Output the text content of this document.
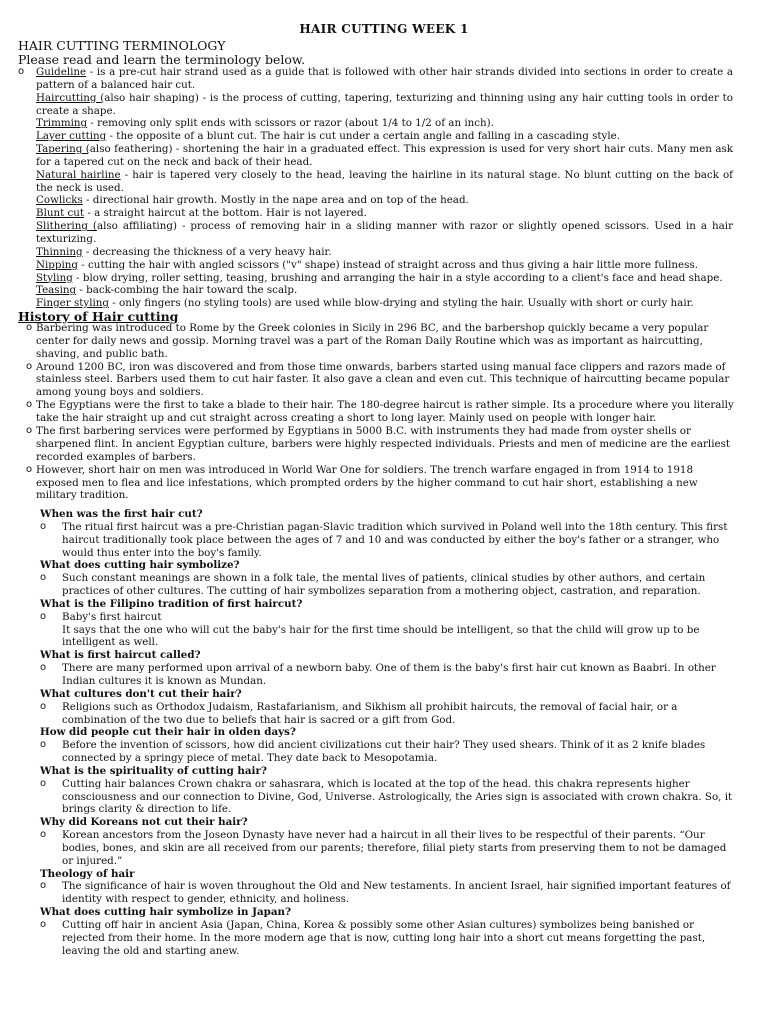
HAIR CUTTING WEEK 1
HAIR CUTTING TERMINOLOGY
Please read and learn the terminology below.
o Guideline - is a pre-cut hair strand used as a guide that is followed with other hair strands divided into sections in order to create a pattern of a balanced hair cut.
Haircutting (also hair shaping) - is the process of cutting, tapering, texturizing and thinning using any hair cutting tools in order to create a shape.
Trimming - removing only split ends with scissors or razor (about 1/4 to 1/2 of an inch).
Layer cutting - the opposite of a blunt cut. The hair is cut under a certain angle and falling in a cascading style.
Tapering (also feathering) - shortening the hair in a graduated effect. This expression is used for very short hair cuts. Many men ask for a tapered cut on the neck and back of their head.
Natural hairline - hair is tapered very closely to the head, leaving the hairline in its natural stage. No blunt cutting on the back of the neck is used.
Cowlicks - directional hair growth. Mostly in the nape area and on top of the head.
Blunt cut - a straight haircut at the bottom. Hair is not layered.
Slithering (also affiliating) - process of removing hair in a sliding manner with razor or slightly opened scissors. Used in a hair texturizing.
Thinning - decreasing the thickness of a very heavy hair.
Nipping - cutting the hair with angled scissors ("v" shape) instead of straight across and thus giving a hair little more fullness.
Styling - blow drying, roller setting, teasing, brushing and arranging the hair in a style according to a client's face and head shape.
Teasing - back-combing the hair toward the scalp.
Finger styling - only fingers (no styling tools) are used while blow-drying and styling the hair. Usually with short or curly hair.
History of Hair cutting
o Barbering was introduced to Rome by the Greek colonies in Sicily in 296 BC, and the barbershop quickly became a very popular center for daily news and gossip. Morning travel was a part of the Roman Daily Routine which was as important as haircutting, shaving, and public bath.
o Around 1200 BC, iron was discovered and from those time onwards, barbers started using manual face clippers and razors made of stainless steel. Barbers used them to cut hair faster. It also gave a clean and even cut. This technique of haircutting became popular among young boys and soldiers.
o The Egyptians were the first to take a blade to their hair. The 180-degree haircut is rather simple. Its a procedure where you literally take the hair straight up and cut straight across creating a short to long layer. Mainly used on people with longer hair.
o The first barbering services were performed by Egyptians in 5000 B.C. with instruments they had made from oyster shells or sharpened flint. In ancient Egyptian culture, barbers were highly respected individuals. Priests and men of medicine are the earliest recorded examples of barbers.
o However, short hair on men was introduced in World War One for soldiers. The trench warfare engaged in from 1914 to 1918 exposed men to flea and lice infestations, which prompted orders by the higher command to cut hair short, establishing a new military tradition.
When was the first hair cut?
o The ritual first haircut was a pre-Christian pagan-Slavic tradition which survived in Poland well into the 18th century. This first haircut traditionally took place between the ages of 7 and 10 and was conducted by either the boy's father or a stranger, who would thus enter into the boy's family.
What does cutting hair symbolize?
o Such constant meanings are shown in a folk tale, the mental lives of patients, clinical studies by other authors, and certain practices of other cultures. The cutting of hair symbolizes separation from a mothering object, castration, and reparation.
What is the Filipino tradition of first haircut?
o Baby's first haircut
It says that the one who will cut the baby's hair for the first time should be intelligent, so that the child will grow up to be intelligent as well.
What is first haircut called?
o There are many performed upon arrival of a newborn baby. One of them is the baby's first hair cut known as Baabri. In other Indian cultures it is known as Mundan.
What cultures don't cut their hair?
o Religions such as Orthodox Judaism, Rastafarianism, and Sikhism all prohibit haircuts, the removal of facial hair, or a combination of the two due to beliefs that hair is sacred or a gift from God.
How did people cut their hair in olden days?
o Before the invention of scissors, how did ancient civilizations cut their hair? They used shears. Think of it as 2 knife blades connected by a springy piece of metal. They date back to Mesopotamia.
What is the spirituality of cutting hair?
o Cutting hair balances Crown chakra or sahasrara, which is located at the top of the head. this chakra represents higher consciousness and our connection to Divine, God, Universe. Astrologically, the Aries sign is associated with crown chakra. So, it brings clarity & direction to life.
Why did Koreans not cut their hair?
o Korean ancestors from the Joseon Dynasty have never had a haircut in all their lives to be respectful of their parents. “Our bodies, bones, and skin are all received from our parents; therefore, filial piety starts from preserving them to not be damaged or injured.”
Theology of hair
o The significance of hair is woven throughout the Old and New testaments. In ancient Israel, hair signified important features of identity with respect to gender, ethnicity, and holiness.
What does cutting hair symbolize in Japan?
o Cutting off hair in ancient Asia (Japan, China, Korea & possibly some other Asian cultures) symbolizes being banished or rejected from their home. In the more modern age that is now, cutting long hair into a short cut means forgetting the past, leaving the old and starting anew.
